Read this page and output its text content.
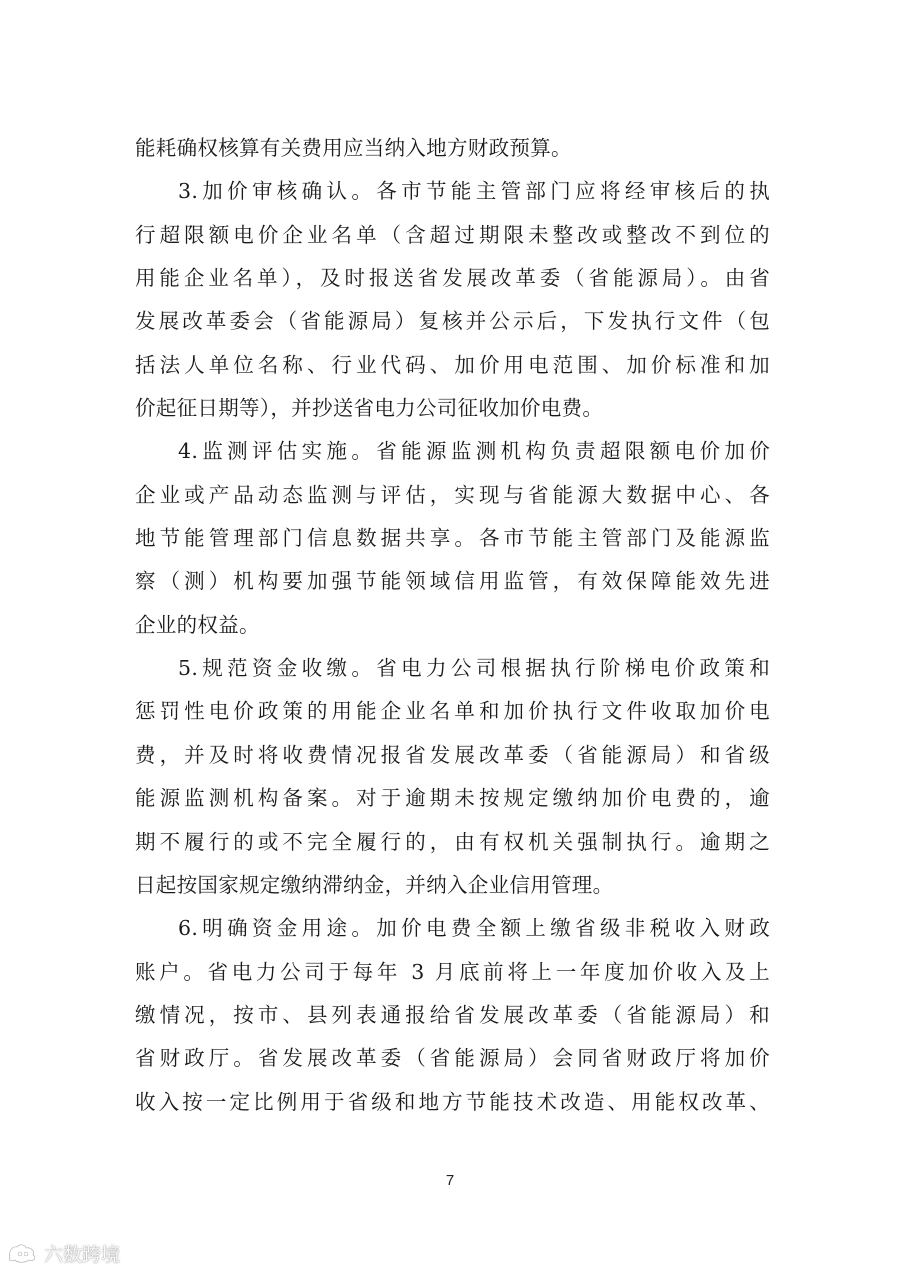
能耗确权核算有关费用应当纳入地方财政预算。
3.加价审核确认。各市节能主管部门应将经审核后的执
行超限额电价企业名单（含超过期限未整改或整改不到位的
用能企业名单），及时报送省发展改革委（省能源局）。由省
发展改革委会（省能源局）复核并公示后，下发执行文件（包
括法人单位名称、行业代码、加价用电范围、加价标准和加
价起征日期等），并抄送省电力公司征收加价电费。
4.监测评估实施。省能源监测机构负责超限额电价加价
企业或产品动态监测与评估，实现与省能源大数据中心、各
地节能管理部门信息数据共享。各市节能主管部门及能源监
察（测）机构要加强节能领域信用监管，有效保障能效先进
企业的权益。
5.规范资金收缴。省电力公司根据执行阶梯电价政策和
惩罚性电价政策的用能企业名单和加价执行文件收取加价电
费，并及时将收费情况报省发展改革委（省能源局）和省级
能源监测机构备案。对于逾期未按规定缴纳加价电费的，逾
期不履行的或不完全履行的，由有权机关强制执行。逾期之
日起按国家规定缴纳滞纳金，并纳入企业信用管理。
6.明确资金用途。加价电费全额上缴省级非税收入财政
账户。省电力公司于每年 3 月底前将上一年度加价收入及上
缴情况，按市、县列表通报给省发展改革委（省能源局）和
省财政厅。省发展改革委（省能源局）会同省财政厅将加价
收入按一定比例用于省级和地方节能技术改造、用能权改革、
7
六数跨境
